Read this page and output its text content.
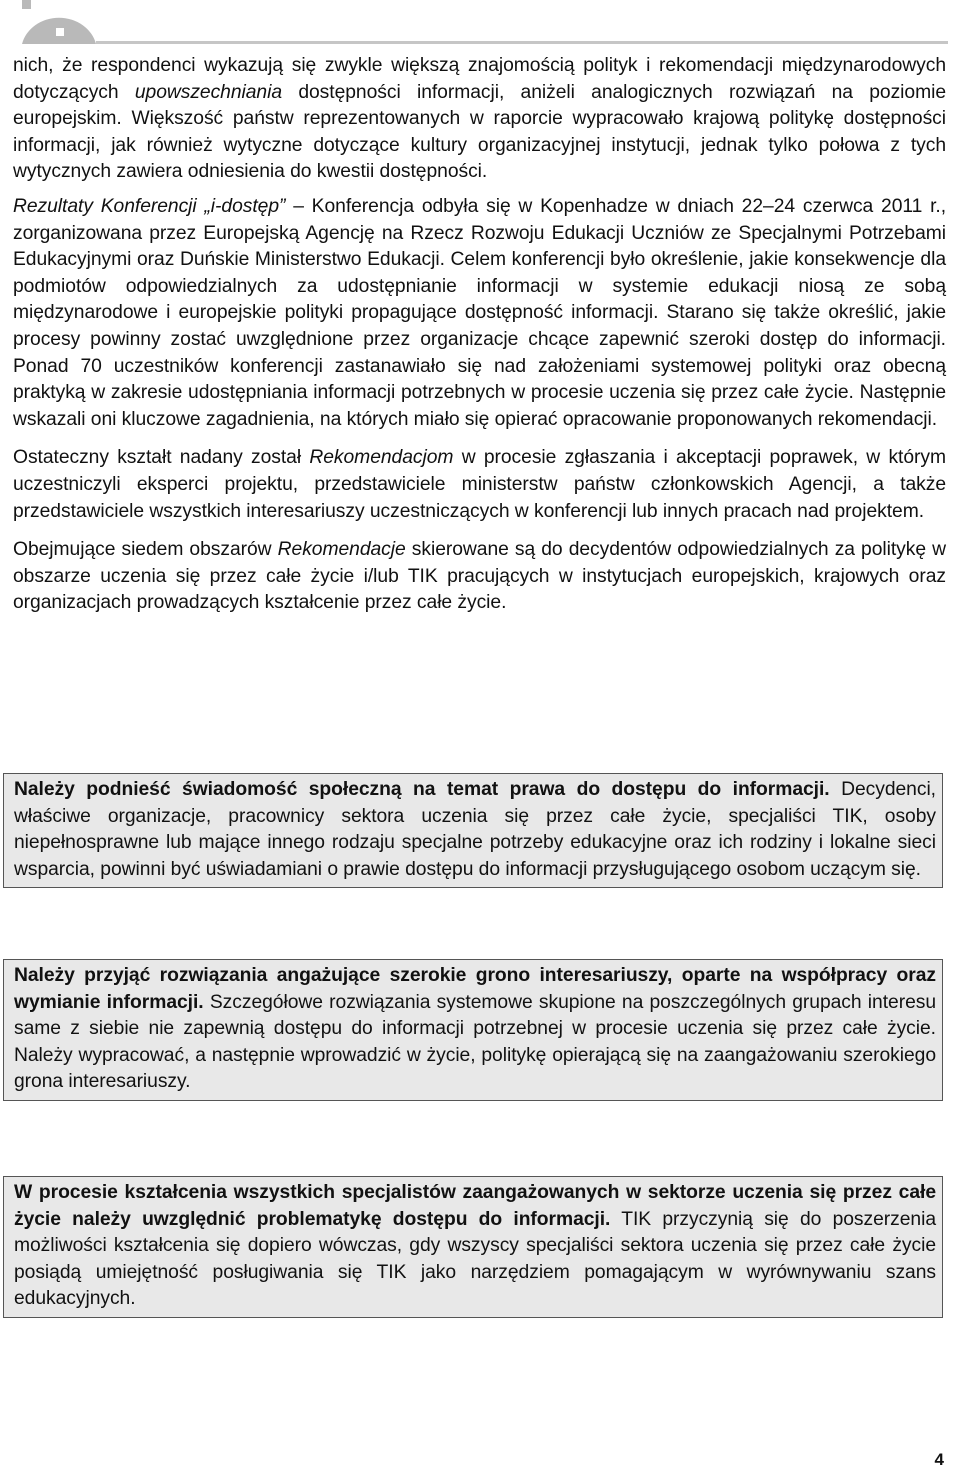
nich, że respondenci wykazują się zwykle większą znajomością polityk i rekomendacji międzynarodowych dotyczących upowszechniania dostępności informacji, aniżeli analogicznych rozwiązań na poziomie europejskim. Większość państw reprezentowanych w raporcie wypracowało krajową politykę dostępności informacji, jak również wytyczne dotyczące kultury organizacyjnej instytucji, jednak tylko połowa z tych wytycznych zawiera odniesienia do kwestii dostępności.

Rezultaty Konferencji „i-dostęp” – Konferencja odbyła się w Kopenhadze w dniach 22–24 czerwca 2011 r., zorganizowana przez Europejską Agencję na Rzecz Rozwoju Edukacji Uczniów ze Specjalnymi Potrzebami Edukacyjnymi oraz Duńskie Ministerstwo Edukacji. Celem konferencji było określenie, jakie konsekwencje dla podmiotów odpowiedzialnych za udostępnianie informacji w systemie edukacji niosą ze sobą międzynarodowe i europejskie polityki propagujące dostępność informacji. Starano się także określić, jakie procesy powinny zostać uwzględnione przez organizacje chcące zapewnić szeroki dostęp do informacji. Ponad 70 uczestników konferencji zastanawiało się nad założeniami systemowej polityki oraz obecną praktyką w zakresie udostępniania informacji potrzebnych w procesie uczenia się przez całe życie. Następnie wskazali oni kluczowe zagadnienia, na których miało się opierać opracowanie proponowanych rekomendacji.

Ostateczny kształt nadany został Rekomendacjom w procesie zgłaszania i akceptacji poprawek, w którym uczestniczyli eksperci projektu, przedstawiciele ministerstw państw członkowskich Agencji, a także przedstawiciele wszystkich interesariuszy uczestniczących w konferencji lub innych pracach nad projektem.

Obejmujące siedem obszarów Rekomendacje skierowane są do decydentów odpowiedzialnych za politykę w obszarze uczenia się przez całe życie i/lub TIK pracujących w instytucjach europejskich, krajowych oraz organizacjach prowadzących kształcenie przez całe życie.

Należy podnieść świadomość społeczną na temat prawa do dostępu do informacji. Decydenci, właściwe organizacje, pracownicy sektora uczenia się przez całe życie, specjaliści TIK, osoby niepełnosprawne lub mające innego rodzaju specjalne potrzeby edukacyjne oraz ich rodziny i lokalne sieci wsparcia, powinni być uświadamiani o prawie dostępu do informacji przysługującego osobom uczącym się.

Należy przyjąć rozwiązania angażujące szerokie grono interesariuszy, oparte na współpracy oraz wymianie informacji. Szczegółowe rozwiązania systemowe skupione na poszczególnych grupach interesu same z siebie nie zapewnią dostępu do informacji potrzebnej w procesie uczenia się przez całe życie. Należy wypracować, a następnie wprowadzić w życie, politykę opierającą się na zaangażowaniu szerokiego grona interesariuszy.

W procesie kształcenia wszystkich specjalistów zaangażowanych w sektorze uczenia się przez całe życie należy uwzględnić problematykę dostępu do informacji. TIK przyczynią się do poszerzenia możliwości kształcenia się dopiero wówczas, gdy wszyscy specjaliści sektora uczenia się przez całe życie posiądą umiejętność posługiwania się TIK jako narzędziem pomagającym w wyrównywaniu szans edukacyjnych.

4
